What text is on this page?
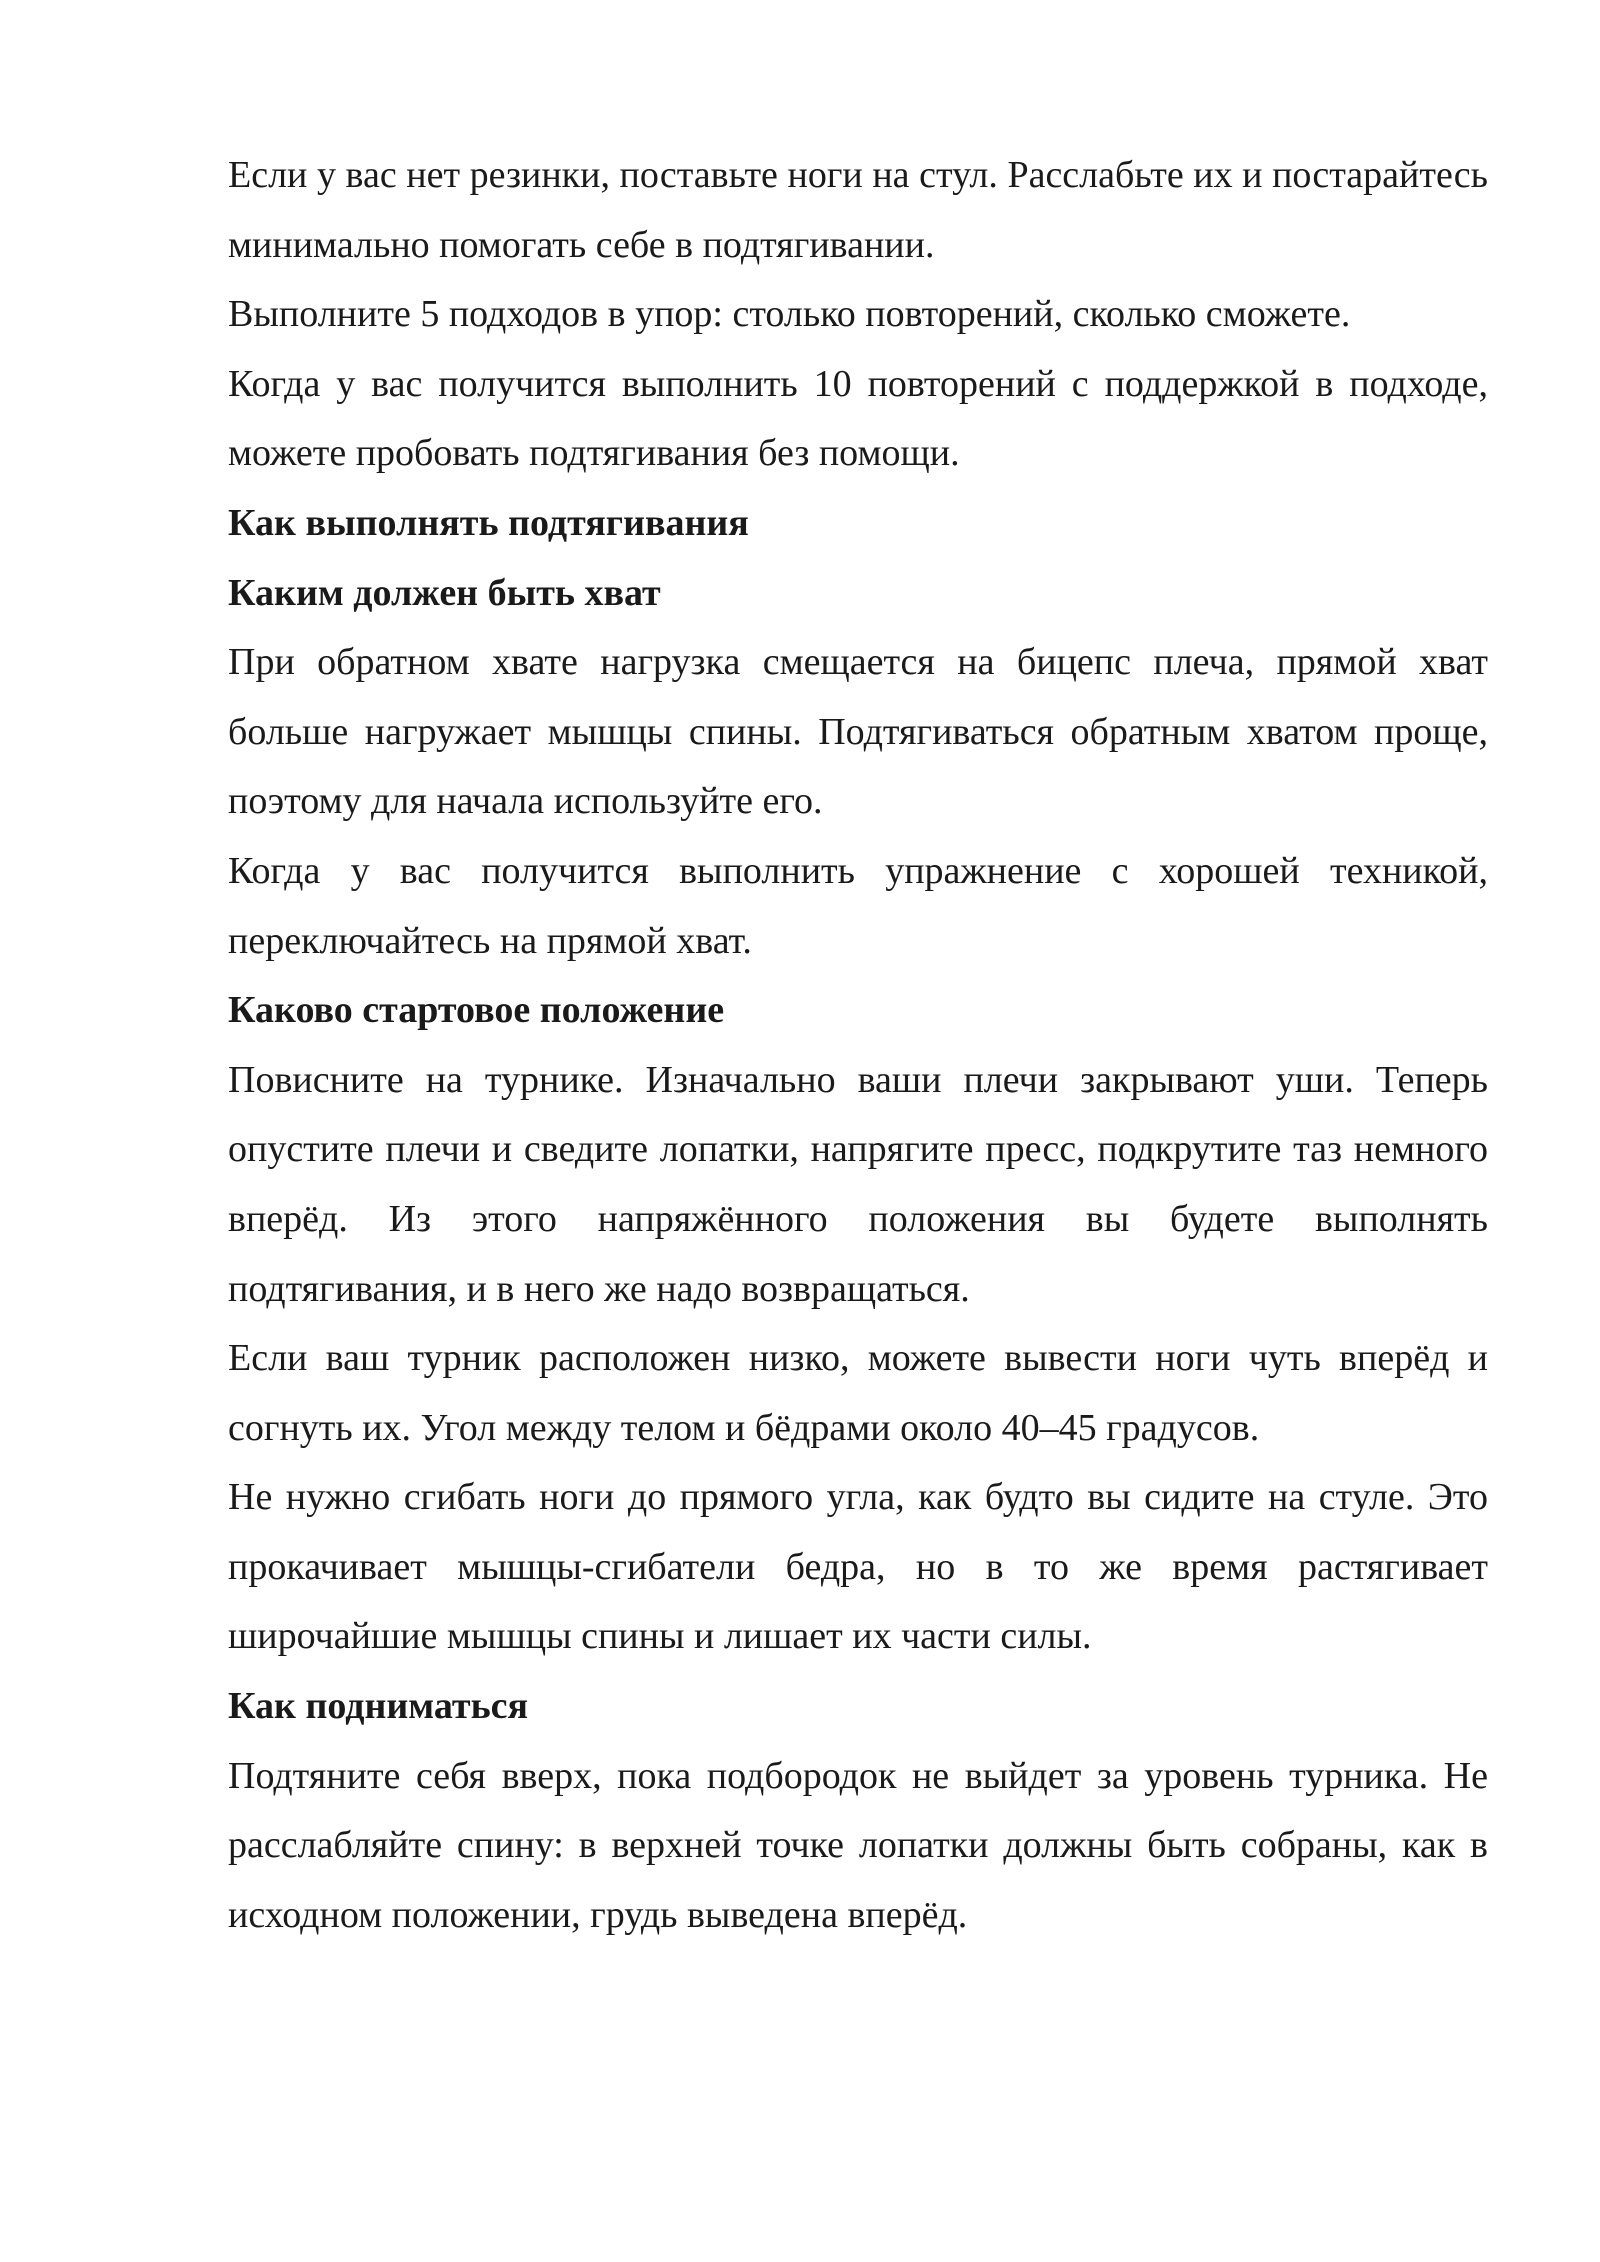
Если у вас нет резинки, поставьте ноги на стул. Расслабьте их и постарайтесь минимально помогать себе в подтягивании.

Выполните 5 подходов в упор: столько повторений, сколько сможете.

Когда у вас получится выполнить 10 повторений с поддержкой в подходе, можете пробовать подтягивания без помощи.

Как выполнять подтягивания
Каким должен быть хват

При обратном хвате нагрузка смещается на бицепс плеча, прямой хват больше нагружает мышцы спины. Подтягиваться обратным хватом проще, поэтому для начала используйте его.

Когда у вас получится выполнить упражнение с хорошей техникой, переключайтесь на прямой хват.

Каково стартовое положение

Повисните на турнике. Изначально ваши плечи закрывают уши. Теперь опустите плечи и сведите лопатки, напрягите пресс, подкрутите таз немного вперёд. Из этого напряжённого положения вы будете выполнять подтягивания, и в него же надо возвращаться.

Если ваш турник расположен низко, можете вывести ноги чуть вперёд и согнуть их. Угол между телом и бёдрами около 40–45 градусов.

Не нужно сгибать ноги до прямого угла, как будто вы сидите на стуле. Это прокачивает мышцы-сгибатели бедра, но в то же время растягивает широчайшие мышцы спины и лишает их части силы.

Как подниматься

Подтяните себя вверх, пока подбородок не выйдет за уровень турника. Не расслабляйте спину: в верхней точке лопатки должны быть собраны, как в исходном положении, грудь выведена вперёд.
